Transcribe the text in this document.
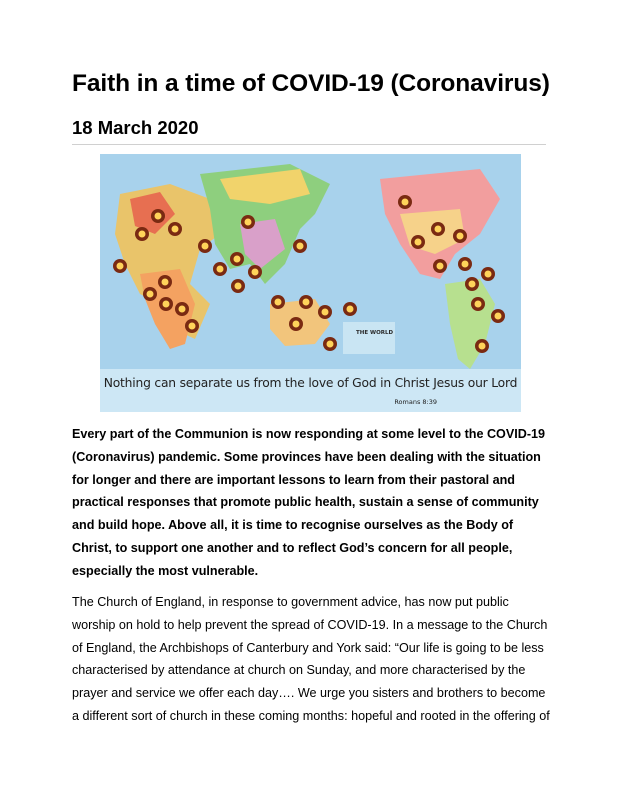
Faith in a time of COVID-19 (Coronavirus)
18 March 2020
THE WORLD
Nothing can separate us from the love of God in Christ Jesus our Lord
Romans 8:39

Every part of the Communion is now responding at some level to the COVID-19 (Coronavirus) pandemic. Some provinces have been dealing with the situation for longer and there are important lessons to learn from their pastoral and practical responses that promote public health, sustain a sense of community and build hope. Above all, it is time to recognise ourselves as the Body of Christ, to support one another and to reflect God’s concern for all people, especially the most vulnerable.

The Church of England, in response to government advice, has now put public worship on hold to help prevent the spread of COVID-19. In a message to the Church of England, the Archbishops of Canterbury and York said: “Our life is going to be less characterised by attendance at church on Sunday, and more characterised by the prayer and service we offer each day…. We urge you sisters and brothers to become a different sort of church in these coming months: hopeful and rooted in the offering of
